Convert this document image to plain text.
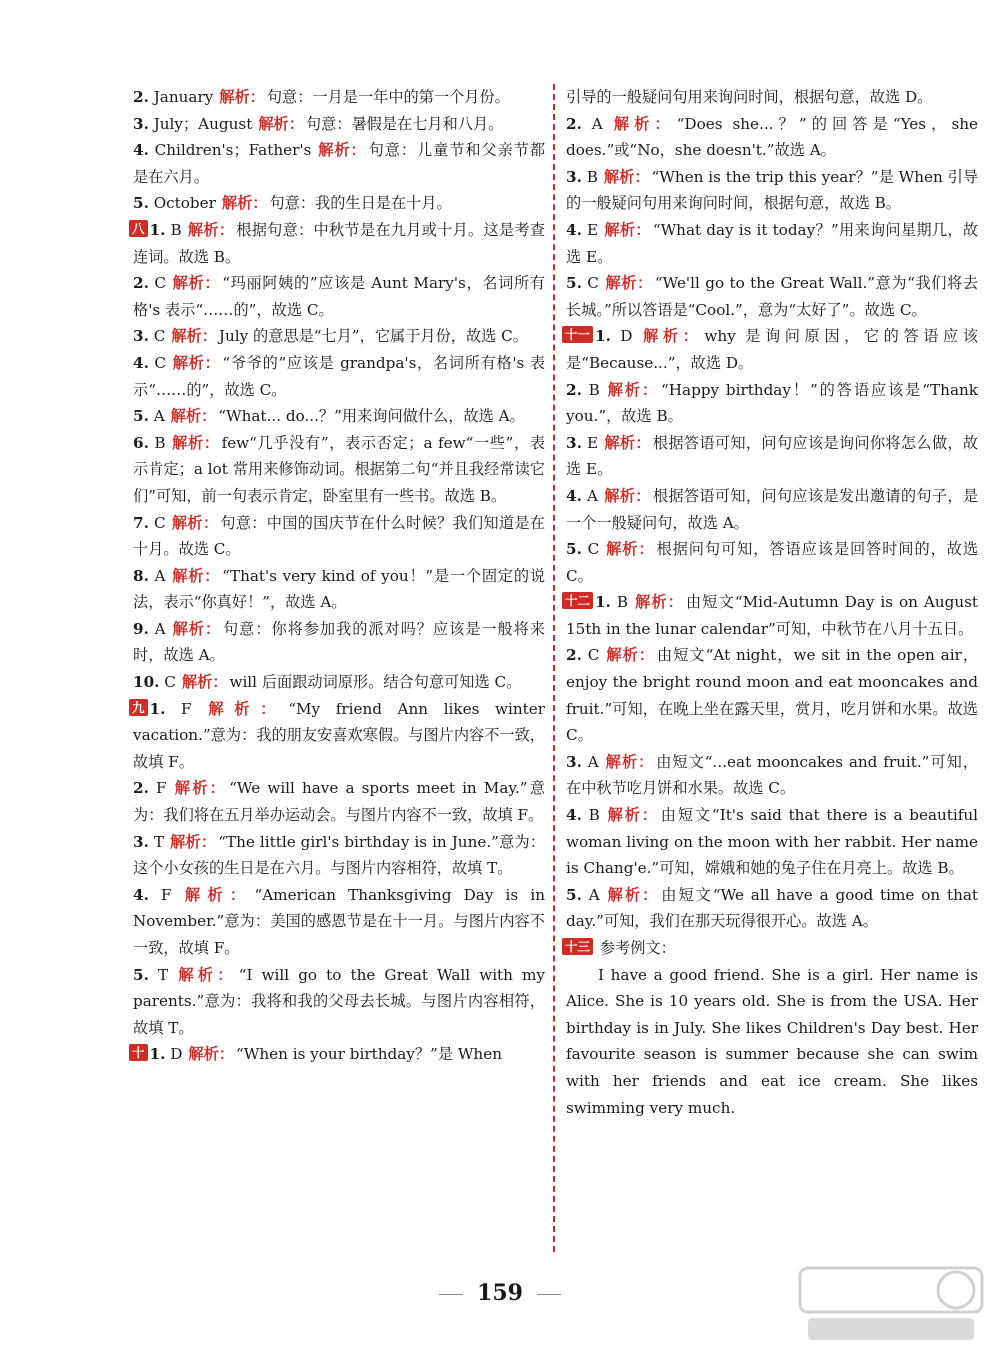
2. January 解析： 句意：一月是一年中的第一个月份。
3. July；August 解析： 句意：暑假是在七月和八月。
4. Children's；Father's 解析： 句意：儿童节和父亲节都是在六月。
5. October 解析： 句意：我的生日是在十月。
八 1. B 解析： 根据句意：中秋节是在九月或十月。这是考查连词。故选 B。
2. C 解析： “玛丽阿姨的”应该是 Aunt Mary's，名词所有格's 表示“……的”，故选 C。
3. C 解析： July 的意思是“七月”，它属于月份，故选 C。
4. C 解析： “爷爷的”应该是 grandpa's，名词所有格's 表示“……的”，故选 C。
5. A 解析： “What... do...？”用来询问做什么，故选 A。
6. B 解析： few“几乎没有”，表示否定；a few“一些”，表示肯定；a lot 常用来修饰动词。根据第二句“并且我经常读它们”可知，前一句表示肯定，卧室里有一些书。故选 B。
7. C 解析： 句意：中国的国庆节在什么时候？我们知道是在十月。故选 C。
8. A 解析： “That's very kind of you！”是一个固定的说法，表示“你真好！”，故选 A。
9. A 解析： 句意：你将参加我的派对吗？应该是一般将来时，故选 A。
10. C 解析： will 后面跟动词原形。结合句意可知选 C。
九 1. F 解析： “My friend Ann likes winter vacation.”意为：我的朋友安喜欢寒假。与图片内容不一致，故填 F。
2. F 解析： “We will have a sports meet in May.”意为：我们将在五月举办运动会。与图片内容不一致，故填 F。
3. T 解析： “The little girl's birthday is in June.”意为：这个小女孩的生日是在六月。与图片内容相符，故填 T。
4. F 解析： “American Thanksgiving Day is in November.”意为：美国的感恩节是在十一月。与图片内容不一致，故填 F。
5. T 解析： “I will go to the Great Wall with my parents.”意为：我将和我的父母去长城。与图片内容相符，故填 T。
十 1. D 解析： “When is your birthday？”是 When
引导的一般疑问句用来询问时间，根据句意，故选 D。
2. A 解析： “Does she...？”的回答是“Yes，she does.”或“No，she doesn't.”故选 A。
3. B 解析： “When is the trip this year？”是 When 引导的一般疑问句用来询问时间，根据句意，故选 B。
4. E 解析： “What day is it today？”用来询问星期几，故选 E。
5. C 解析： “We'll go to the Great Wall.”意为“我们将去长城。”所以答语是“Cool.”，意为“太好了”。故选 C。
十一 1. D 解析： why 是询问原因，它的答语应该是“Because...”，故选 D。
2. B 解析： “Happy birthday！”的答语应该是“Thank you.”，故选 B。
3. E 解析： 根据答语可知，问句应该是询问你将怎么做，故选 E。
4. A 解析： 根据答语可知，问句应该是发出邀请的句子，是一个一般疑问句，故选 A。
5. C 解析： 根据问句可知，答语应该是回答时间的，故选 C。
十二 1. B 解析： 由短文“Mid-Autumn Day is on August 15th in the lunar calendar”可知，中秋节在八月十五日。
2. C 解析： 由短文“At night，we sit in the open air，enjoy the bright round moon and eat mooncakes and fruit.”可知，在晚上坐在露天里，赏月，吃月饼和水果。故选 C。
3. A 解析： 由短文“...eat mooncakes and fruit.”可知，在中秋节吃月饼和水果。故选 C。
4. B 解析： 由短文“It's said that there is a beautiful woman living on the moon with her rabbit. Her name is Chang'e.”可知，嫦娥和她的兔子住在月亮上。故选 B。
5. A 解析： 由短文“We all have a good time on that day.”可知，我们在那天玩得很开心。故选 A。
十三 参考例文：
I have a good friend. She is a girl. Her name is Alice. She is 10 years old. She is from the USA. Her birthday is in July. She likes Children's Day best. Her favourite season is summer because she can swim with her friends and eat ice cream. She likes swimming very much.
159
